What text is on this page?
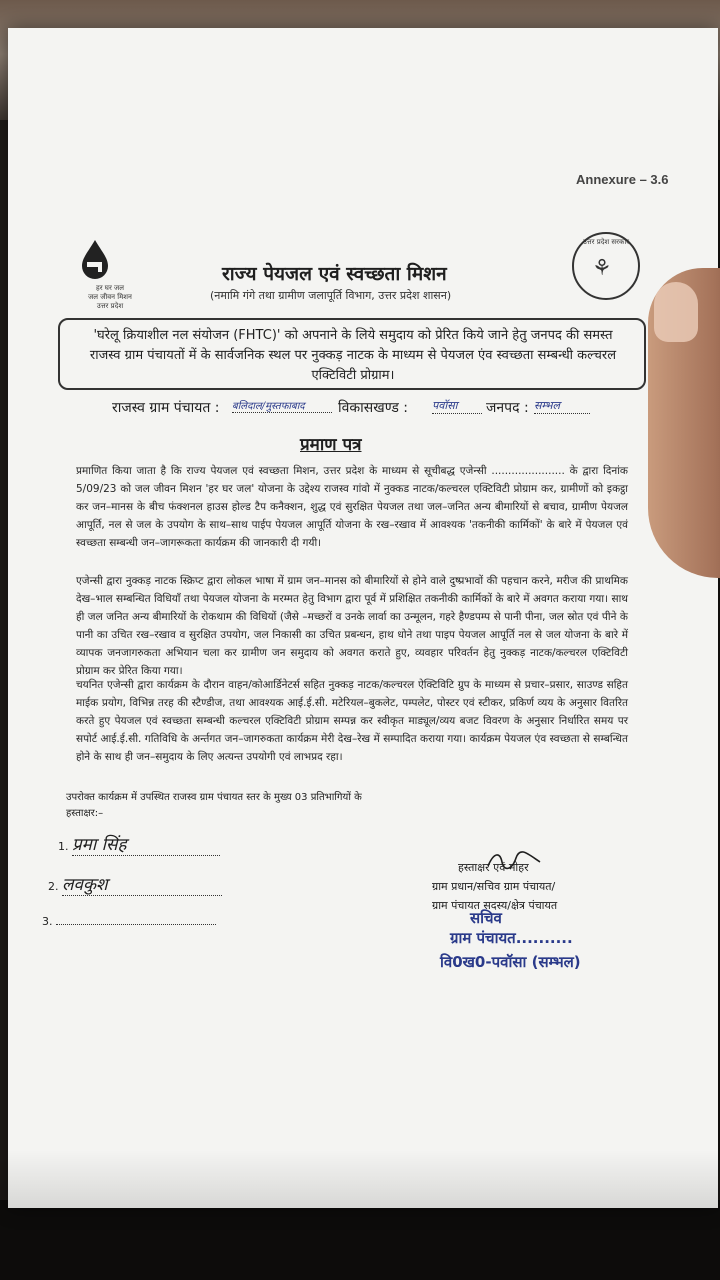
Annexure – 3.6
हर घर जल
जल जीवन मिशन
उत्तर प्रदेश
उत्तर प्रदेश सरकार
⚘
राज्य पेयजल एवं स्वच्छता मिशन
(नमामि गंगे तथा ग्रामीण जलापूर्ति विभाग, उत्तर प्रदेश शासन)
'घरेलू क्रियाशील नल संयोजन (FHTC)' को अपनाने के लिये समुदाय को प्रेरित किये जाने हेतु जनपद की समस्त राजस्व ग्राम पंचायतों में के सार्वजनिक स्थल पर नुक्कड़ नाटक के माध्यम से पेयजल एंव स्वच्छता सम्बन्धी कल्चरल एक्टिविटी प्रोग्राम।
राजस्व ग्राम पंचायत : बलिदाल/मुस्तफाबाद	विकासखण्ड : पवॉसा	जनपद : सम्भल
प्रमाण पत्र
प्रमाणित किया जाता है कि राज्य पेयजल एवं स्वच्छता मिशन, उत्तर प्रदेश के माध्यम से सूचीबद्ध एजेन्सी ...................... के द्वारा दिनांक 5/09/23 को जल जीवन मिशन 'हर घर जल' योजना के उद्देश्य राजस्व गांवो में नुक्कड नाटक/कल्चरल एक्टिविटी प्रोग्राम कर, ग्रामीणों को इकट्ठा कर जन–मानस के बीच फंक्शनल हाउस होल्ड टैप कनैक्शन, शुद्ध एवं सुरक्षित पेयजल तथा जल–जनित अन्य बीमारियों से बचाव, ग्रामीण पेयजल आपूर्ति, नल से जल के उपयोग के साथ–साथ पाईप पेयजल आपूर्ति योजना के रख–रखाव में आवश्यक 'तकनीकी कार्मिकों' के बारे में पेयजल एवं स्वच्छता सम्बन्धी जन–जागरूकता कार्यक्रम की जानकारी दी गयी।
एजेन्सी द्वारा नुक्कड़ नाटक स्क्रिप्ट द्वारा लोकल भाषा में ग्राम जन–मानस को बीमारियों से होने वाले दुष्प्रभावों की पहचान करने, मरीज की प्राथमिक देख–भाल सम्बन्धित विधियाँ तथा पेयजल योजना के मरम्मत हेतु विभाग द्वारा पूर्व में प्रशिक्षित तकनीकी कार्मिकों के बारे में अवगत कराया गया। साथ ही जल जनित अन्य बीमारियों के रोकथाम की विधियों (जैसे –मच्छरों व उनके लार्वा का उन्मूलन, गहरे हैण्डपम्प से पानी पीना, जल स्रोत एवं पीने के पानी का उचित रख–रखाव व सुरक्षित उपयोग, जल निकासी का उचित प्रबन्धन, हाथ धोने तथा पाइप पेयजल आपूर्ति नल से जल योजना के बारे में व्यापक जनजागरुकता अभियान चला कर ग्रामीण जन समुदाय को अवगत कराते हुए, व्यवहार परिवर्तन हेतु नुक्कड़ नाटक/कल्चरल एक्टिविटी प्रोग्राम कर प्रेरित किया गया।
चयनित एजेन्सी द्वारा कार्यक्रम के दौरान वाहन/कोआर्डिनेटर्स सहित नुक्कड़ नाटक/कल्चरल ऐक्टिविटि ग्रुप के माध्यम से प्रचार–प्रसार, साउण्ड सहित माईक प्रयोग, विभिन्न तरह की स्टैण्डीज, तथा आवश्यक आई.ई.सी. मटेरियल–बुकलेट, पम्पलेट, पोस्टर एवं स्टीकर, प्रकिर्ण व्यय के अनुसार वितरित करते हुए पेयजल एवं स्वच्छता सम्बन्धी कल्चरल एक्टिविटी प्रोग्राम सम्पन्न कर स्वीकृत माड्यूल/व्यय बजट विवरण के अनुसार निर्धारित समय पर सपोर्ट आई.ई.सी. गतिविधि के अर्न्तगत जन–जागरुकता कार्यक्रम मेरी देख–रेख में सम्पादित कराया गया। कार्यक्रम पेयजल एंव स्वच्छता से सम्बन्धित होने के साथ ही जन–समुदाय के लिए अत्यन्त उपयोगी एवं लाभप्रद रहा।
उपरोक्त कार्यक्रम में उपस्थित राजस्व ग्राम पंचायत स्तर के मुख्य 03 प्रतिभागियों के हस्ताक्षर:–
1. प्रमा सिंह
2. लवकुश
3.
हस्ताक्षर एवं मोहर
ग्राम प्रधान/सचिव ग्राम पंचायत/
ग्राम पंचायत सदस्य/क्षेत्र पंचायत
सचिव
ग्राम पंचायत..........
वि0ख0-पवॉसा (सम्भल)
